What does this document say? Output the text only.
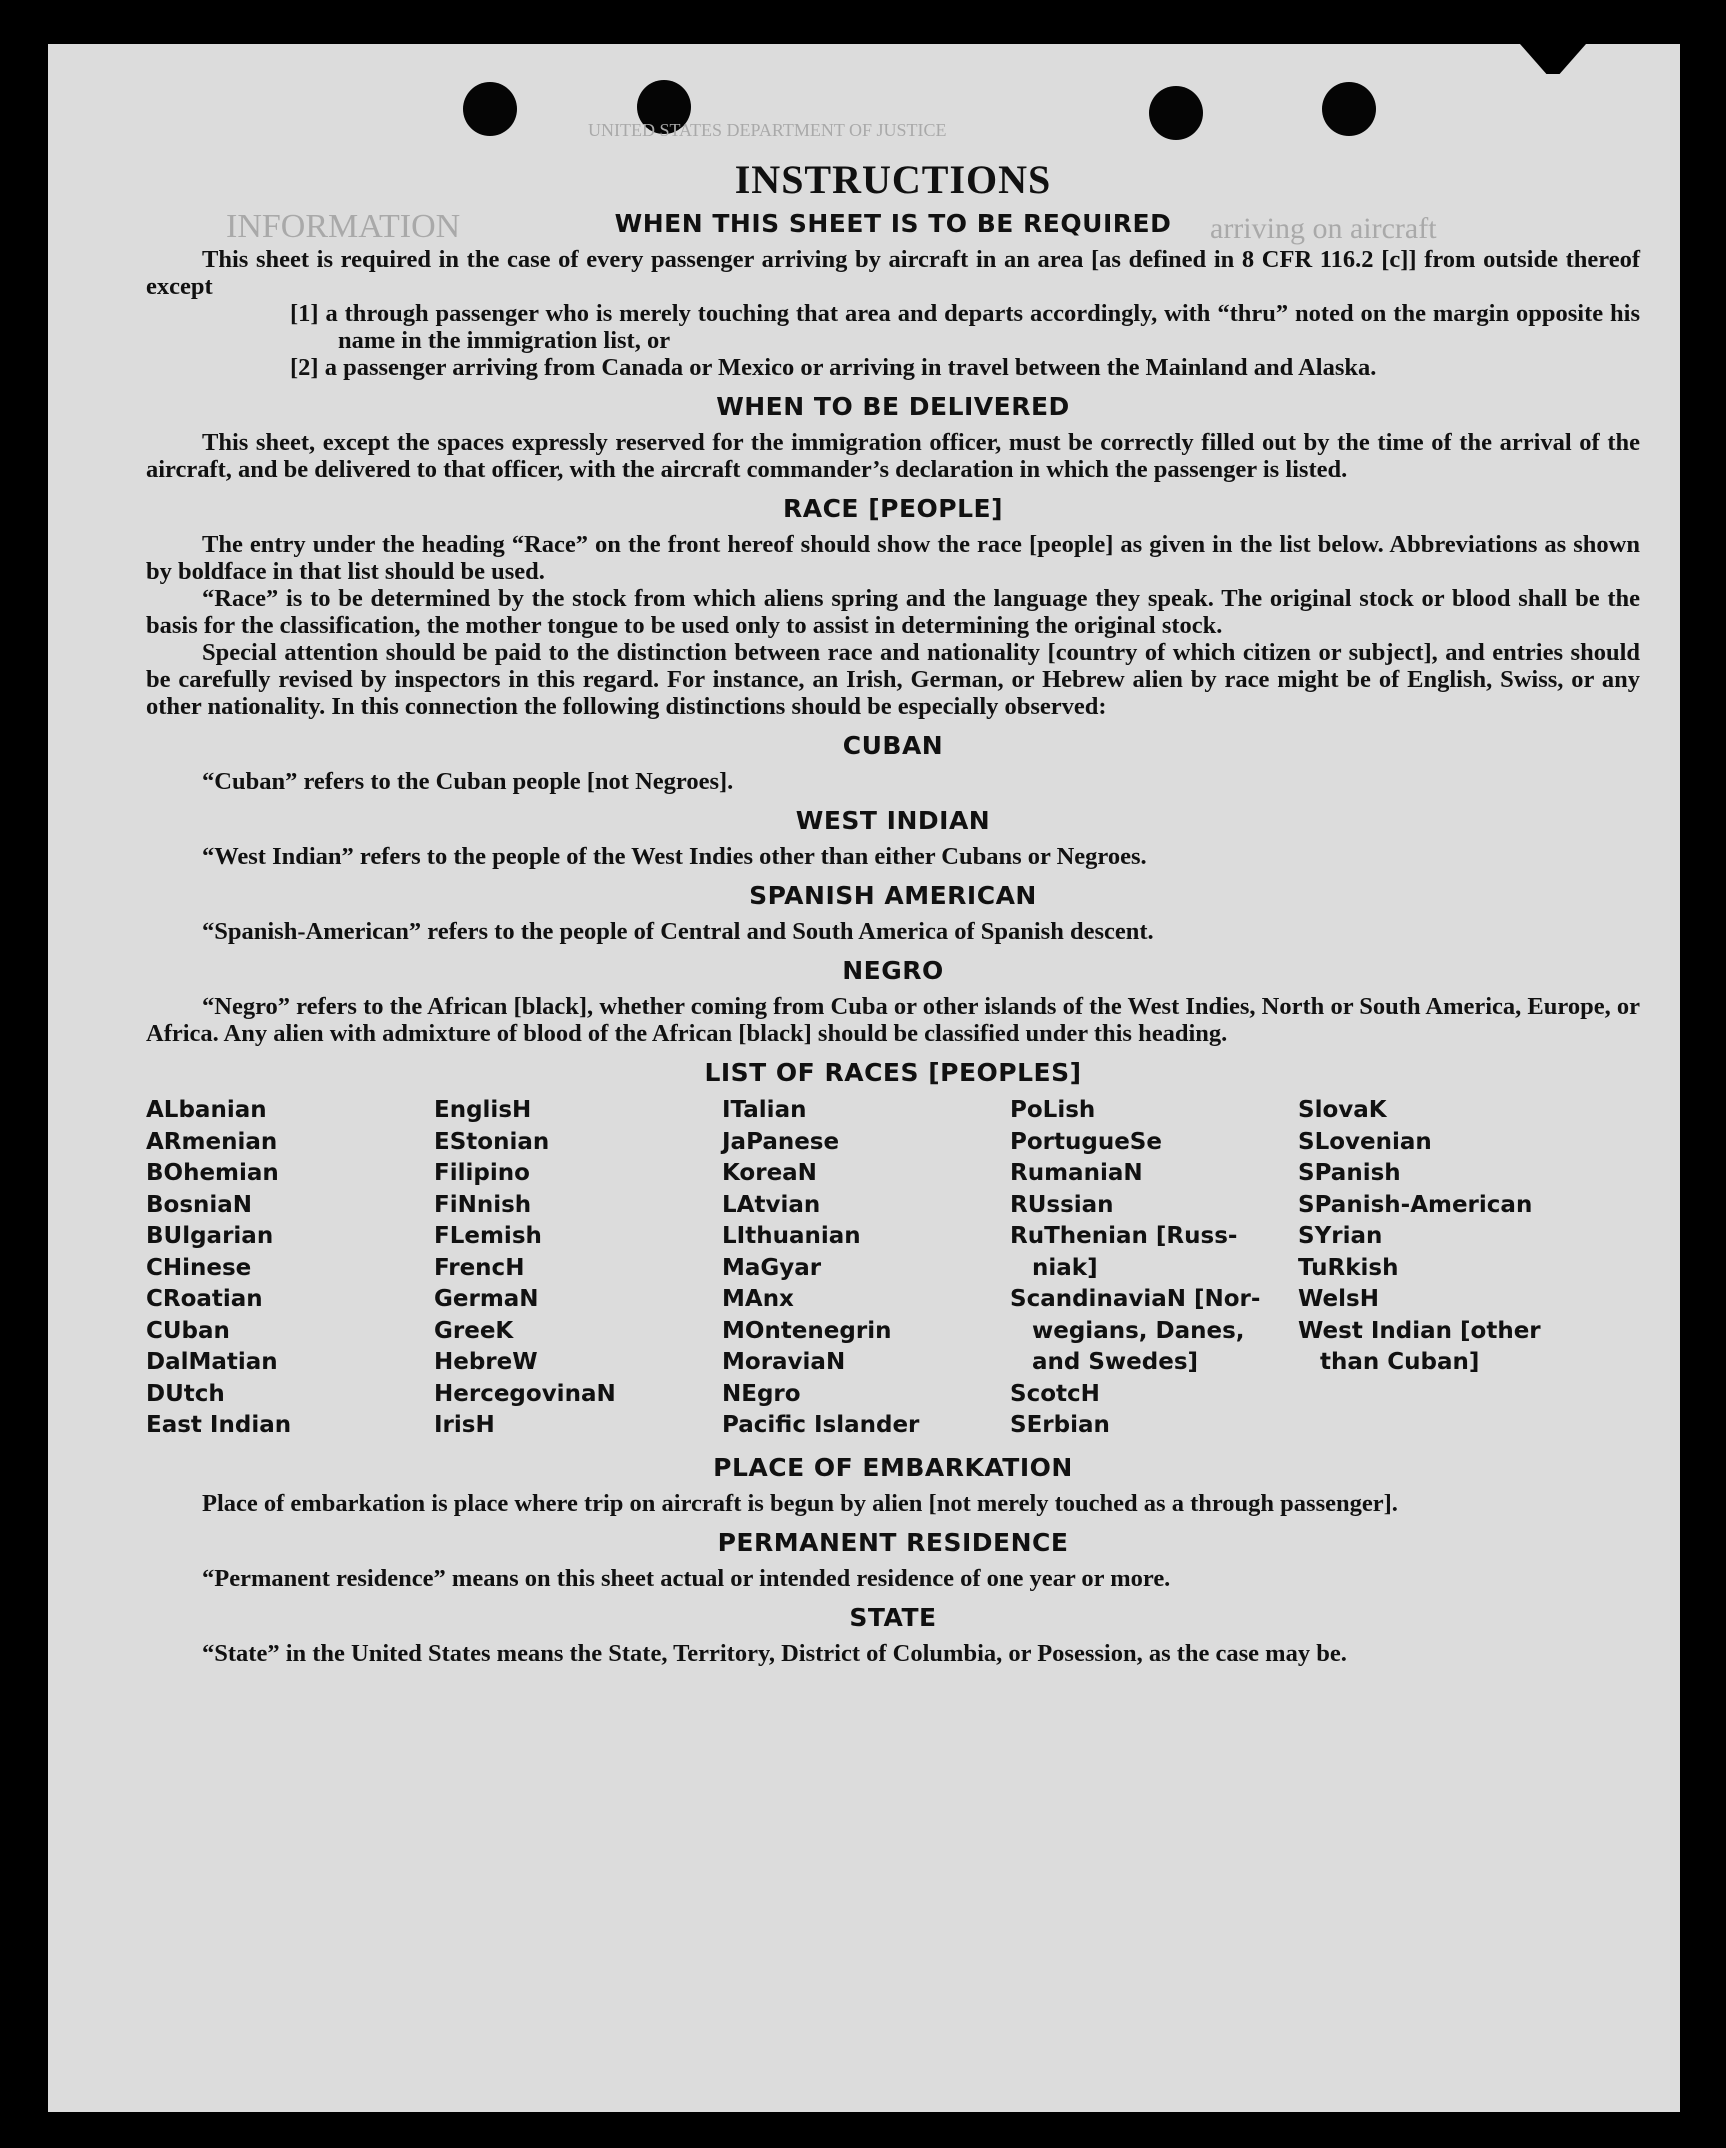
UNITED STATES DEPARTMENT OF JUSTICE
INFORMATION	arriving on aircraft
INSTRUCTIONS
WHEN THIS SHEET IS TO BE REQUIRED

This sheet is required in the case of every passenger arriving by aircraft in an area [as defined in 8 CFR 116.2 [c]] from outside thereof except

[1] a through passenger who is merely touching that area and departs accordingly, with “thru” noted on the margin opposite his name in the immigration list, or

[2] a passenger arriving from Canada or Mexico or arriving in travel between the Mainland and Alaska.

WHEN TO BE DELIVERED

This sheet, except the spaces expressly reserved for the immigration officer, must be correctly filled out by the time of the arrival of the aircraft, and be delivered to that officer, with the aircraft commander’s declaration in which the passenger is listed.

RACE [PEOPLE]

The entry under the heading “Race” on the front hereof should show the race [people] as given in the list below. Abbreviations as shown by boldface in that list should be used.

“Race” is to be determined by the stock from which aliens spring and the language they speak. The original stock or blood shall be the basis for the classification, the mother tongue to be used only to assist in determining the original stock.

Special attention should be paid to the distinction between race and nationality [country of which citizen or subject], and entries should be carefully revised by inspectors in this regard. For instance, an Irish, German, or Hebrew alien by race might be of English, Swiss, or any other nationality. In this connection the following distinctions should be especially observed:

CUBAN

“Cuban” refers to the Cuban people [not Negroes].

WEST INDIAN

“West Indian” refers to the people of the West Indies other than either Cubans or Negroes.

SPANISH AMERICAN

“Spanish-American” refers to the people of Central and South America of Spanish descent.

NEGRO

“Negro” refers to the African [black], whether coming from Cuba or other islands of the West Indies, North or South America, Europe, or Africa. Any alien with admixture of blood of the African [black] should be classified under this heading.

LIST OF RACES [PEOPLES]
ALbanian
ARmenian
BOhemian
BosniaN
BUlgarian
CHinese
CRoatian
CUban
DalMatian
DUtch
East Indian
EnglisH
EStonian
Filipino
FiNnish
FLemish
FrencH
GermaN
GreeK
HebreW
HercegovinaN
IrisH
ITalian
JaPanese
KoreaN
LAtvian
LIthuanian
MaGyar
MAnx
MOntenegrin
MoraviaN
NEgro
Pacific Islander
PoLish
PortugueSe
RumaniaN
RUssian
RuThenian [Russ-
niak]
ScandinaviaN [Nor-
wegians, Danes,
and Swedes]
ScotcH
SErbian
SlovaK
SLovenian
SPanish
SPanish-American
SYrian
TuRkish
WelsH
West Indian [other
than Cuban]
PLACE OF EMBARKATION

Place of embarkation is place where trip on aircraft is begun by alien [not merely touched as a through passenger].

PERMANENT RESIDENCE

“Permanent residence” means on this sheet actual or intended residence of one year or more.

STATE

“State” in the United States means the State, Territory, District of Columbia, or Posession, as the case may be.
